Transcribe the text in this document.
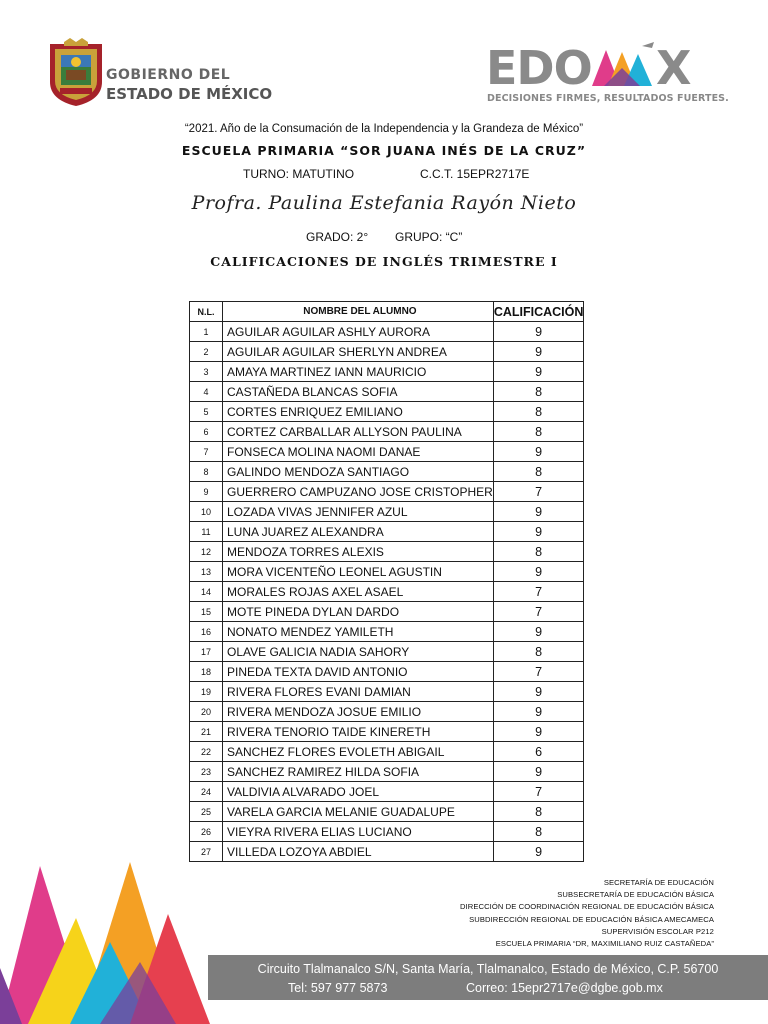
GOBIERNO DEL
ESTADO DE MÉXICO	EDO X
DECISIONES FIRMES, RESULTADOS FUERTES.
“2021. Año de la Consumación de la Independencia y la Grandeza de México”
ESCUELA PRIMARIA “SOR JUANA INÉS DE LA CRUZ”
TURNO: MATUTINO	C.C.T. 15EPR2717E
Profra. Paulina Estefania Rayón Nieto
GRADO: 2° GRUPO: “C”
CALIFICACIONES DE INGLÉS TRIMESTRE I
N.L.	NOMBRE DEL ALUMNO	CALIFICACIÓN
1	AGUILAR AGUILAR ASHLY AURORA	9
2	AGUILAR AGUILAR SHERLYN ANDREA	9
3	AMAYA MARTINEZ IANN MAURICIO	9
4	CASTAÑEDA BLANCAS SOFIA	8
5	CORTES ENRIQUEZ EMILIANO	8
6	CORTEZ CARBALLAR ALLYSON PAULINA	8
7	FONSECA MOLINA NAOMI DANAE	9
8	GALINDO MENDOZA SANTIAGO	8
9	GUERRERO CAMPUZANO JOSE CRISTOPHER	7
10	LOZADA VIVAS JENNIFER AZUL	9
11	LUNA JUAREZ ALEXANDRA	9
12	MENDOZA TORRES ALEXIS	8
13	MORA VICENTEÑO LEONEL AGUSTIN	9
14	MORALES ROJAS AXEL ASAEL	7
15	MOTE PINEDA DYLAN DARDO	7
16	NONATO MENDEZ YAMILETH	9
17	OLAVE GALICIA NADIA SAHORY	8
18	PINEDA TEXTA DAVID ANTONIO	7
19	RIVERA FLORES EVANI DAMIAN	9
20	RIVERA MENDOZA JOSUE EMILIO	9
21	RIVERA TENORIO TAIDE KINERETH	9
22	SANCHEZ FLORES EVOLETH ABIGAIL	6
23	SANCHEZ RAMIREZ HILDA SOFIA	9
24	VALDIVIA ALVARADO JOEL	7
25	VARELA GARCIA MELANIE GUADALUPE	8
26	VIEYRA RIVERA ELIAS LUCIANO	8
27	VILLEDA LOZOYA ABDIEL	9
SECRETARÍA DE EDUCACIÓN
SUBSECRETARÍA DE EDUCACIÓN BÁSICA
DIRECCIÓN DE COORDINACIÓN REGIONAL DE EDUCACIÓN BÁSICA
SUBDIRECCIÓN REGIONAL DE EDUCACIÓN BÁSICA AMECAMECA
SUPERVISIÓN ESCOLAR P212
ESCUELA PRIMARIA “DR, MAXIMILIANO RUIZ CASTAÑEDA”
Circuito Tlalmanalco S/N, Santa María, Tlalmanalco, Estado de México, C.P. 56700
Tel: 597 977 5873	Correo: 15epr2717e@dgbe.gob.mx
